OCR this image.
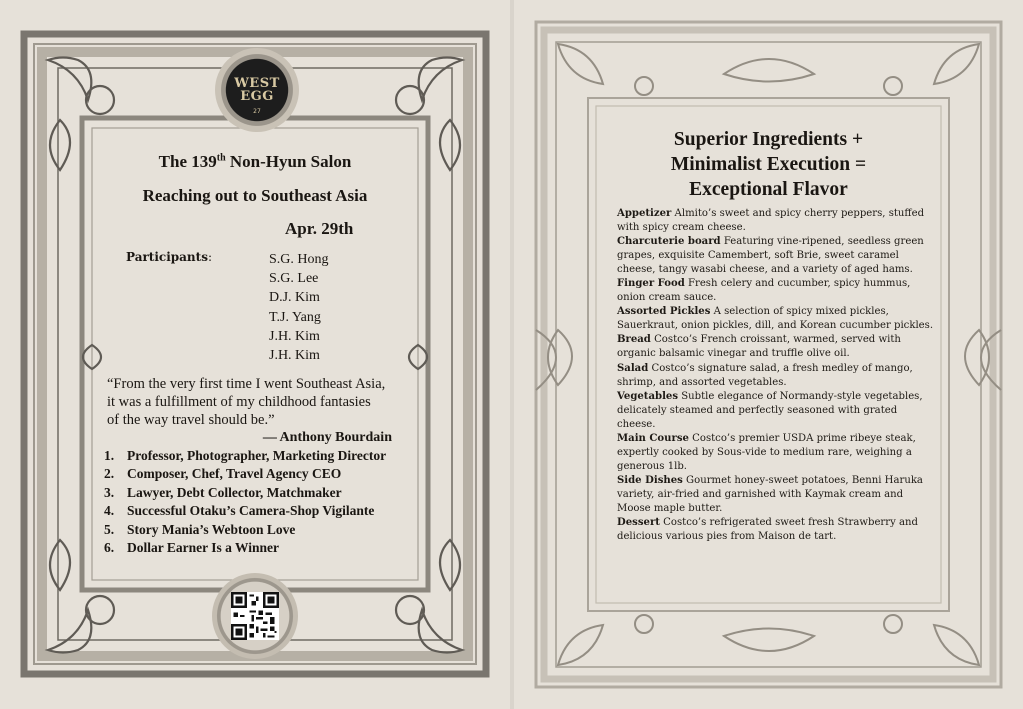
WEST
EGG
27
The 139th Non-Hyun Salon
Reaching out to Southeast Asia
Apr. 29th
Participants:	S.G. Hong
S.G. Lee
D.J. Kim
T.J. Yang
J.H. Kim
J.H. Kim
“From the very first time I went Southeast Asia,
it was a fulfillment of my childhood fantasies
of the way travel should be.”
— Anthony Bourdain
1. Professor, Photographer, Marketing Director
2. Composer, Chef, Travel Agency CEO
3. Lawyer, Debt Collector, Matchmaker
4. Successful Otaku’s Camera-Shop Vigilante
5. Story Mania’s Webtoon Love
6. Dollar Earner Is a Winner
Superior Ingredients +
Minimalist Execution =
Exceptional Flavor
Appetizer Almito’s sweet and spicy cherry peppers, stuffed with spicy cream cheese.
Charcuterie board Featuring vine-ripened, seedless green grapes, exquisite Camembert, soft Brie, sweet caramel cheese, tangy wasabi cheese, and a variety of aged hams.
Finger Food Fresh celery and cucumber, spicy hummus, onion cream sauce.
Assorted Pickles A selection of spicy mixed pickles, Sauerkraut, onion pickles, dill, and Korean cucumber pickles.
Bread Costco’s French croissant, warmed, served with organic balsamic vinegar and truffle olive oil.
Salad Costco’s signature salad, a fresh medley of mango, shrimp, and assorted vegetables.
Vegetables Subtle elegance of Normandy-style vegetables, delicately steamed and perfectly seasoned with grated cheese.
Main Course Costco’s premier USDA prime ribeye steak, expertly cooked by Sous-vide to medium rare, weighing a generous 1lb.
Side Dishes Gourmet honey-sweet potatoes, Benni Haruka variety, air-fried and garnished with Kaymak cream and Moose maple butter.
Dessert Costco’s refrigerated sweet fresh Strawberry and delicious various pies from Maison de tart.
